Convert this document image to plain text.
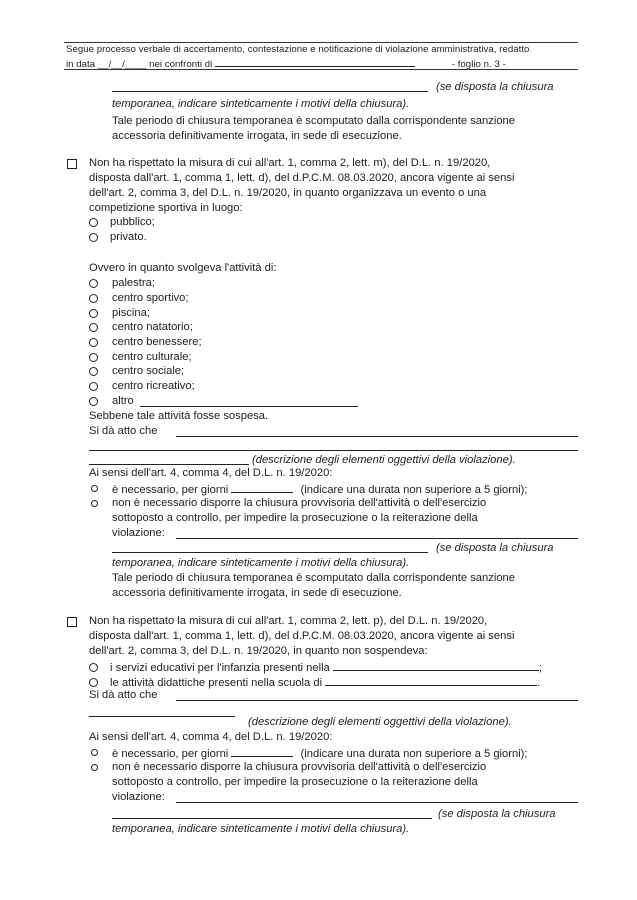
Segue processo verbale di accertamento, contestazione e notificazione di violazione amministrativa, redatto
in data __/__/____ nei confronti di	- foglio n. 3 -
(se disposta la chiusura
temporanea, indicare sinteticamente i motivi della chiusura).
Tale periodo di chiusura temporanea è scomputato dalla corrispondente sanzione
accessoria definitivamente irrogata, in sede di esecuzione.
Non ha rispettato la misura di cui all'art. 1, comma 2, lett. m), del D.L. n. 19/2020,
disposta dall'art. 1, comma 1, lett. d), del d.P.C.M. 08.03.2020, ancora vigente ai sensi
dell'art. 2, comma 3, del D.L. n. 19/2020, in quanto organizzava un evento o una
competizione sportiva in luogo:
pubblico;
privato.
Ovvero in quanto svolgeva l'attività di:
palestra;
centro sportivo;
piscina;
centro natatorio;
centro benessere;
centro culturale;
centro sociale;
centro ricreativo;
altro
Sebbene tale attività fosse sospesa.
Si dà atto che
(descrizione degli elementi oggettivi della violazione).
Ai sensi dell'art. 4, comma 4, del D.L. n. 19/2020:
è necessario, per giorni	(indicare una durata non superiore a 5 giorni);
non è necessario disporre la chiusura provvisoria dell'attività o dell'esercizio
sottoposto a controllo, per impedire la prosecuzione o la reiterazione della
violazione:
(se disposta la chiusura
temporanea, indicare sinteticamente i motivi della chiusura).
Tale periodo di chiusura temporanea è scomputato dalla corrispondente sanzione
accessoria definitivamente irrogata, in sede di esecuzione.
Non ha rispettato la misura di cui all'art. 1, comma 2, lett. p), del D.L. n. 19/2020,
disposta dall'art. 1, comma 1, lett. d), del d.P.C.M. 08.03.2020, ancora vigente ai sensi
dell'art. 2, comma 3, del D.L. n. 19/2020, in quanto non sospendeva:
i servizi educativi per l'infanzia presenti nella	;
le attività didattiche presenti nella scuola di	.
Si dà atto che
(descrizione degli elementi oggettivi della violazione).
Ai sensi dell'art. 4, comma 4, del D.L. n. 19/2020:
è necessario, per giorni	(indicare una durata non superiore a 5 giorni);
non è necessario disporre la chiusura provvisoria dell'attività o dell'esercizio
sottoposto a controllo, per impedire la prosecuzione o la reiterazione della
violazione:
(se disposta la chiusura
temporanea, indicare sinteticamente i motivi della chiusura).
